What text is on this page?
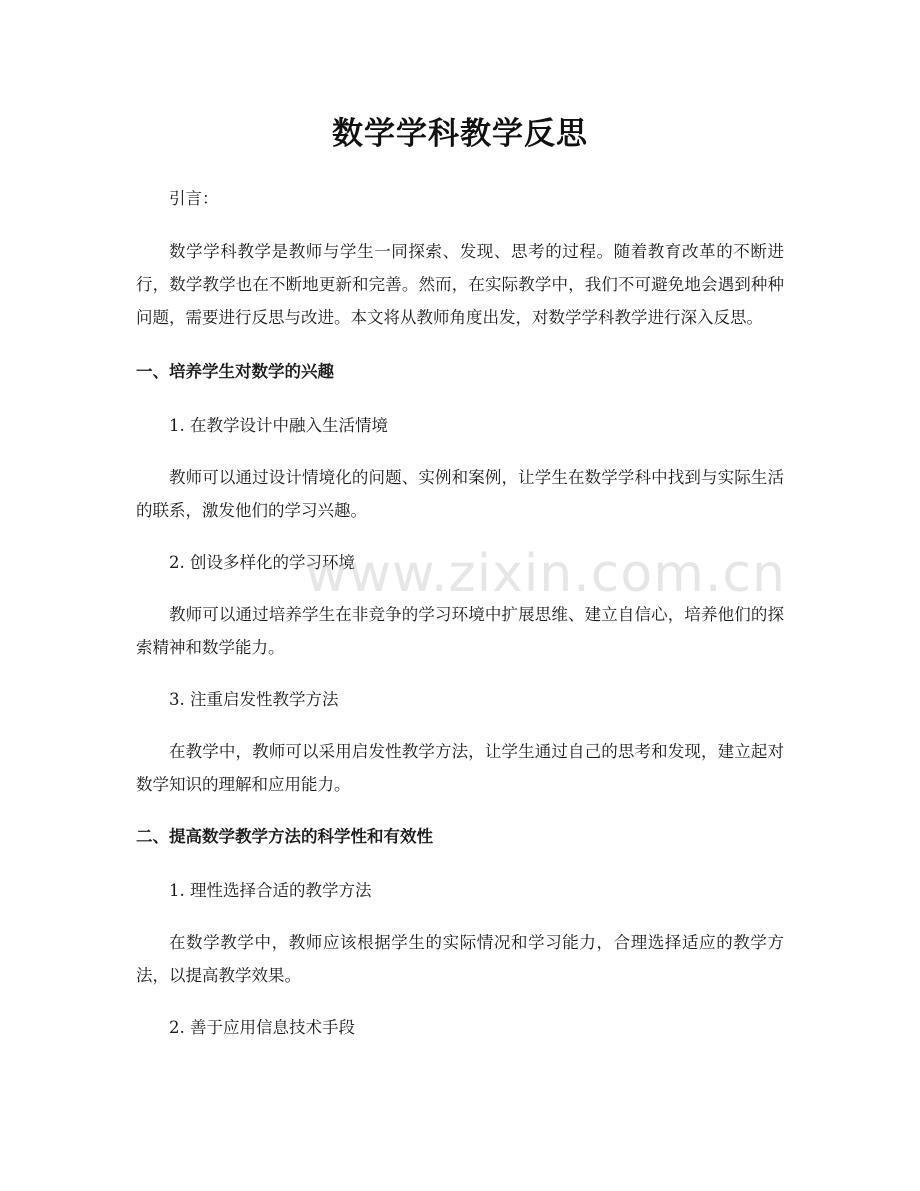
数学学科教学反思

引言：

数学学科教学是教师与学生一同探索、发现、思考的过程。随着教育改革的不断进行，数学教学也在不断地更新和完善。然而，在实际教学中，我们不可避免地会遇到种种问题，需要进行反思与改进。本文将从教师角度出发，对数学学科教学进行深入反思。

一、培养学生对数学的兴趣

1. 在教学设计中融入生活情境

教师可以通过设计情境化的问题、实例和案例，让学生在数学学科中找到与实际生活的联系，激发他们的学习兴趣。

2. 创设多样化的学习环境

教师可以通过培养学生在非竞争的学习环境中扩展思维、建立自信心，培养他们的探索精神和数学能力。

3. 注重启发性教学方法

在教学中，教师可以采用启发性教学方法，让学生通过自己的思考和发现，建立起对数学知识的理解和应用能力。

二、提高数学教学方法的科学性和有效性

1. 理性选择合适的教学方法

在数学教学中，教师应该根据学生的实际情况和学习能力，合理选择适应的教学方法，以提高教学效果。

2. 善于应用信息技术手段

www.zixin.com.cn
